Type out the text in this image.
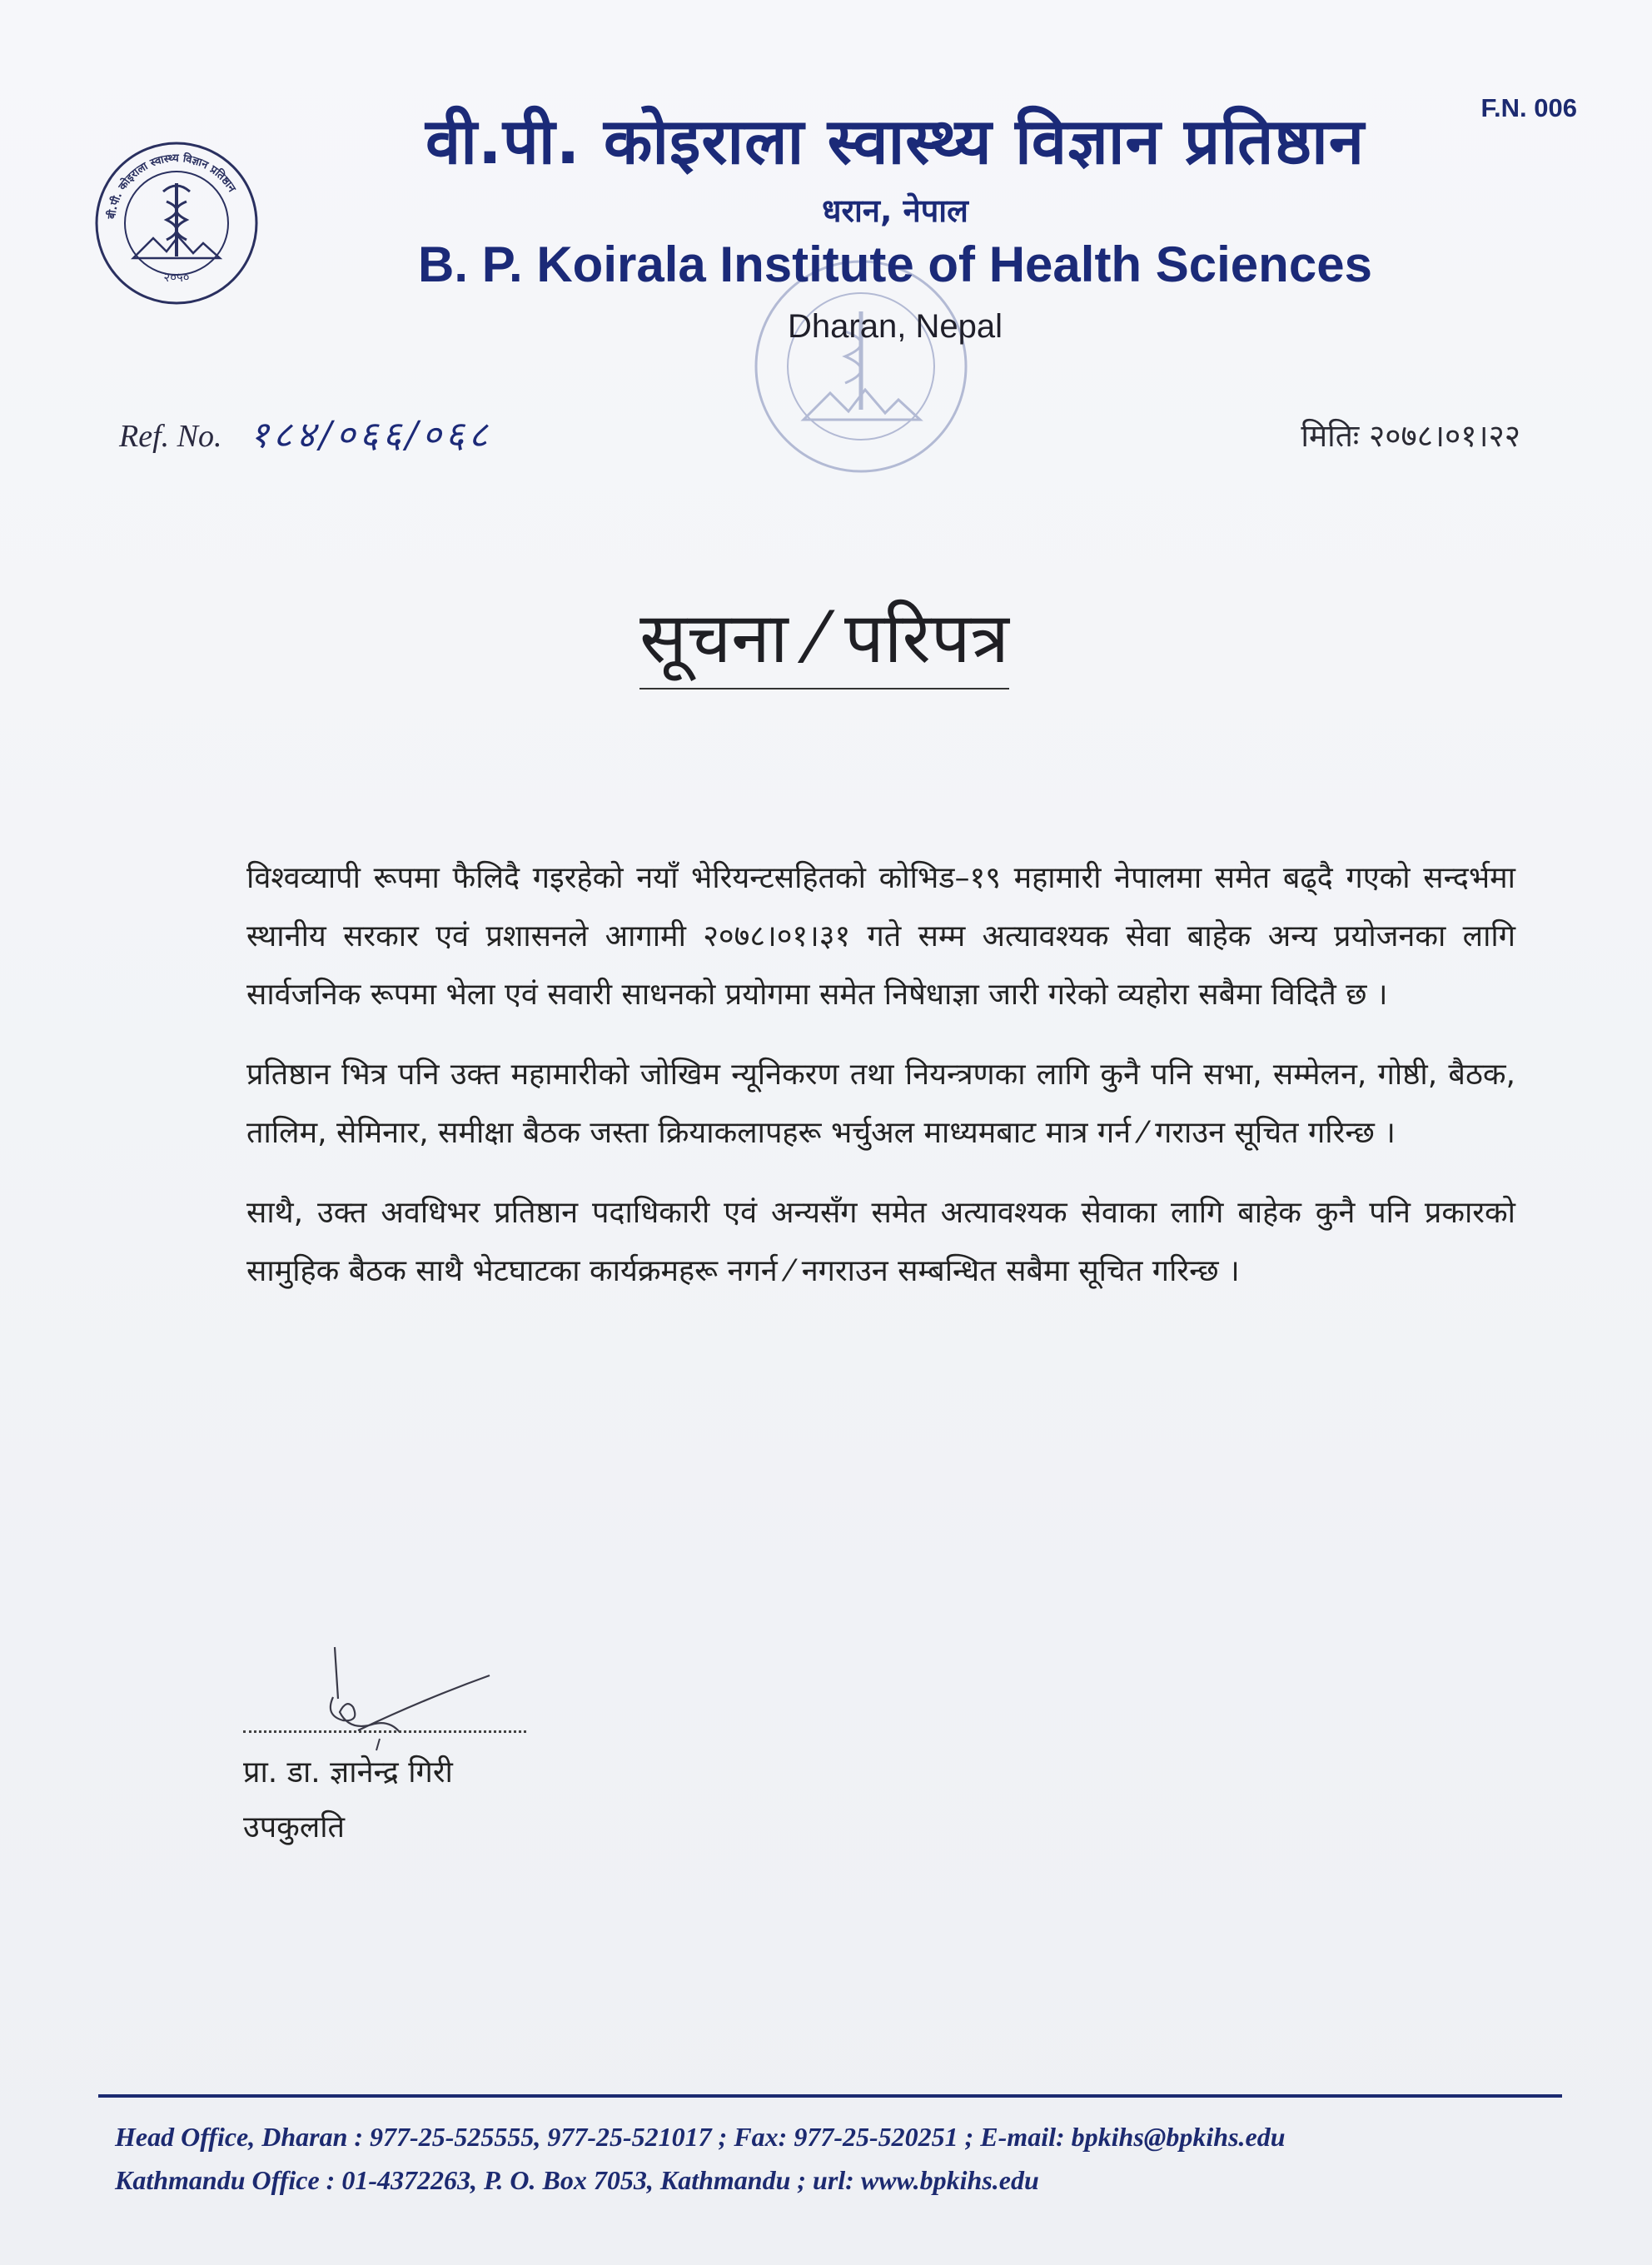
F.N. 006
बी.पी. कोइराला स्वास्थ्य विज्ञान प्रतिष्ठान
२०५०
वी.पी. कोइराला स्वास्थ्य विज्ञान प्रतिष्ठान
धरान, नेपाल
B. P. Koirala Institute of Health Sciences
Dharan, Nepal
Ref. No. १८४/०६६/०६८	मितिः २०७८।०१।२२
सूचना ⁄ परिपत्र

विश्वव्यापी रूपमा फैलिदै गइरहेको नयाँ भेरियन्टसहितको कोभिड–१९ महामारी नेपालमा समेत बढ्दै गएको सन्दर्भमा स्थानीय सरकार एवं प्रशासनले आगामी २०७८।०१।३१ गते सम्म अत्यावश्यक सेवा बाहेक अन्य प्रयोजनका लागि सार्वजनिक रूपमा भेला एवं सवारी साधनको प्रयोगमा समेत निषेधाज्ञा जारी गरेको व्यहोरा सबैमा विदितै छ ।

प्रतिष्ठान भित्र पनि उक्त महामारीको जोखिम न्यूनिकरण तथा नियन्त्रणका लागि कुनै पनि सभा, सम्मेलन, गोष्ठी, बैठक, तालिम, सेमिनार, समीक्षा बैठक जस्ता क्रियाकलापहरू भर्चुअल माध्यमबाट मात्र गर्न ⁄ गराउन सूचित गरिन्छ ।

साथै, उक्त अवधिभर प्रतिष्ठान पदाधिकारी एवं अन्यसँग समेत अत्यावश्यक सेवाका लागि बाहेक कुनै पनि प्रकारको सामुहिक बैठक साथै भेटघाटका कार्यक्रमहरू नगर्न ⁄ नगराउन सम्बन्धित सबैमा सूचित गरिन्छ ।

प्रा. डा. ज्ञानेन्द्र गिरी
उपकुलति
Head Office, Dharan : 977-25-525555, 977-25-521017 ; Fax: 977-25-520251 ; E-mail: bpkihs@bpkihs.edu
Kathmandu Office : 01-4372263, P. O. Box 7053, Kathmandu ; url: www.bpkihs.edu
